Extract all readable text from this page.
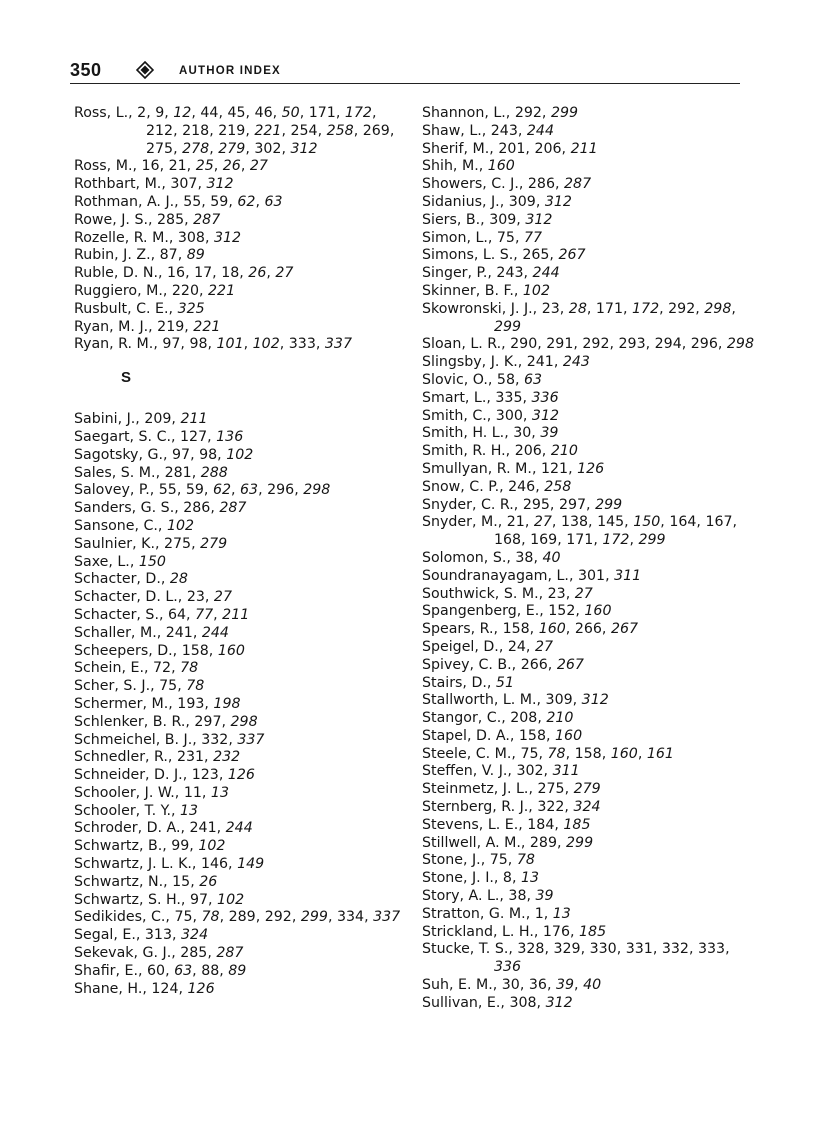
350	AUTHOR INDEX
Ross, L., 2, 9, 12, 44, 45, 46, 50, 171, 172, 212, 218, 219, 221, 254, 258, 269, 275, 278, 279, 302, 312
Ross, M., 16, 21, 25, 26, 27
Rothbart, M., 307, 312
Rothman, A. J., 55, 59, 62, 63
Rowe, J. S., 285, 287
Rozelle, R. M., 308, 312
Rubin, J. Z., 87, 89
Ruble, D. N., 16, 17, 18, 26, 27
Ruggiero, M., 220, 221
Rusbult, C. E., 325
Ryan, M. J., 219, 221
Ryan, R. M., 97, 98, 101, 102, 333, 337
S
Sabini, J., 209, 211
Saegart, S. C., 127, 136
Sagotsky, G., 97, 98, 102
Sales, S. M., 281, 288
Salovey, P., 55, 59, 62, 63, 296, 298
Sanders, G. S., 286, 287
Sansone, C., 102
Saulnier, K., 275, 279
Saxe, L., 150
Schacter, D., 28
Schacter, D. L., 23, 27
Schacter, S., 64, 77, 211
Schaller, M., 241, 244
Scheepers, D., 158, 160
Schein, E., 72, 78
Scher, S. J., 75, 78
Schermer, M., 193, 198
Schlenker, B. R., 297, 298
Schmeichel, B. J., 332, 337
Schnedler, R., 231, 232
Schneider, D. J., 123, 126
Schooler, J. W., 11, 13
Schooler, T. Y., 13
Schroder, D. A., 241, 244
Schwartz, B., 99, 102
Schwartz, J. L. K., 146, 149
Schwartz, N., 15, 26
Schwartz, S. H., 97, 102
Sedikides, C., 75, 78, 289, 292, 299, 334, 337
Segal, E., 313, 324
Sekevak, G. J., 285, 287
Shafir, E., 60, 63, 88, 89
Shane, H., 124, 126
Shannon, L., 292, 299
Shaw, L., 243, 244
Sherif, M., 201, 206, 211
Shih, M., 160
Showers, C. J., 286, 287
Sidanius, J., 309, 312
Siers, B., 309, 312
Simon, L., 75, 77
Simons, L. S., 265, 267
Singer, P., 243, 244
Skinner, B. F., 102
Skowronski, J. J., 23, 28, 171, 172, 292, 298, 299
Sloan, L. R., 290, 291, 292, 293, 294, 296, 298
Slingsby, J. K., 241, 243
Slovic, O., 58, 63
Smart, L., 335, 336
Smith, C., 300, 312
Smith, H. L., 30, 39
Smith, R. H., 206, 210
Smullyan, R. M., 121, 126
Snow, C. P., 246, 258
Snyder, C. R., 295, 297, 299
Snyder, M., 21, 27, 138, 145, 150, 164, 167, 168, 169, 171, 172, 299
Solomon, S., 38, 40
Soundranayagam, L., 301, 311
Southwick, S. M., 23, 27
Spangenberg, E., 152, 160
Spears, R., 158, 160, 266, 267
Speigel, D., 24, 27
Spivey, C. B., 266, 267
Stairs, D., 51
Stallworth, L. M., 309, 312
Stangor, C., 208, 210
Stapel, D. A., 158, 160
Steele, C. M., 75, 78, 158, 160, 161
Steffen, V. J., 302, 311
Steinmetz, J. L., 275, 279
Sternberg, R. J., 322, 324
Stevens, L. E., 184, 185
Stillwell, A. M., 289, 299
Stone, J., 75, 78
Stone, J. I., 8, 13
Story, A. L., 38, 39
Stratton, G. M., 1, 13
Strickland, L. H., 176, 185
Stucke, T. S., 328, 329, 330, 331, 332, 333, 336
Suh, E. M., 30, 36, 39, 40
Sullivan, E., 308, 312
